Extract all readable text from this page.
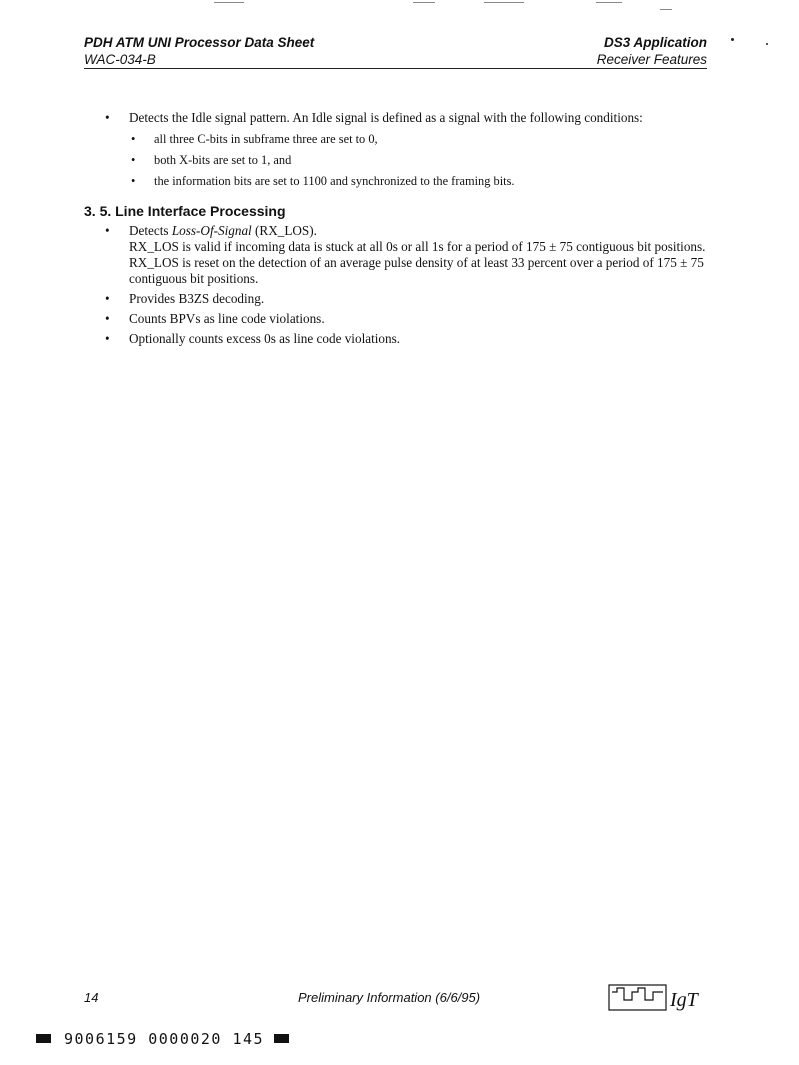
PDH ATM UNI Processor Data Sheet
WAC-034-B
DS3 Application
Receiver Features
• Detects the Idle signal pattern. An Idle signal is defined as a signal with the following conditions:
• all three C-bits in subframe three are set to 0,
• both X-bits are set to 1, and
• the information bits are set to 1100 and synchronized to the framing bits.
3. 5. Line Interface Processing
• Detects Loss-Of-Signal (RX_LOS).
RX_LOS is valid if incoming data is stuck at all 0s or all 1s for a period of 175 ± 75 contiguous bit positions.
RX_LOS is reset on the detection of an average pulse density of at least 33 percent over a period of 175 ± 75 contiguous bit positions.
• Provides B3ZS decoding.
• Counts BPVs as line code violations.
• Optionally counts excess 0s as line code violations.
14	Preliminary Information (6/6/95)	IgT
9006159 0000020 145
